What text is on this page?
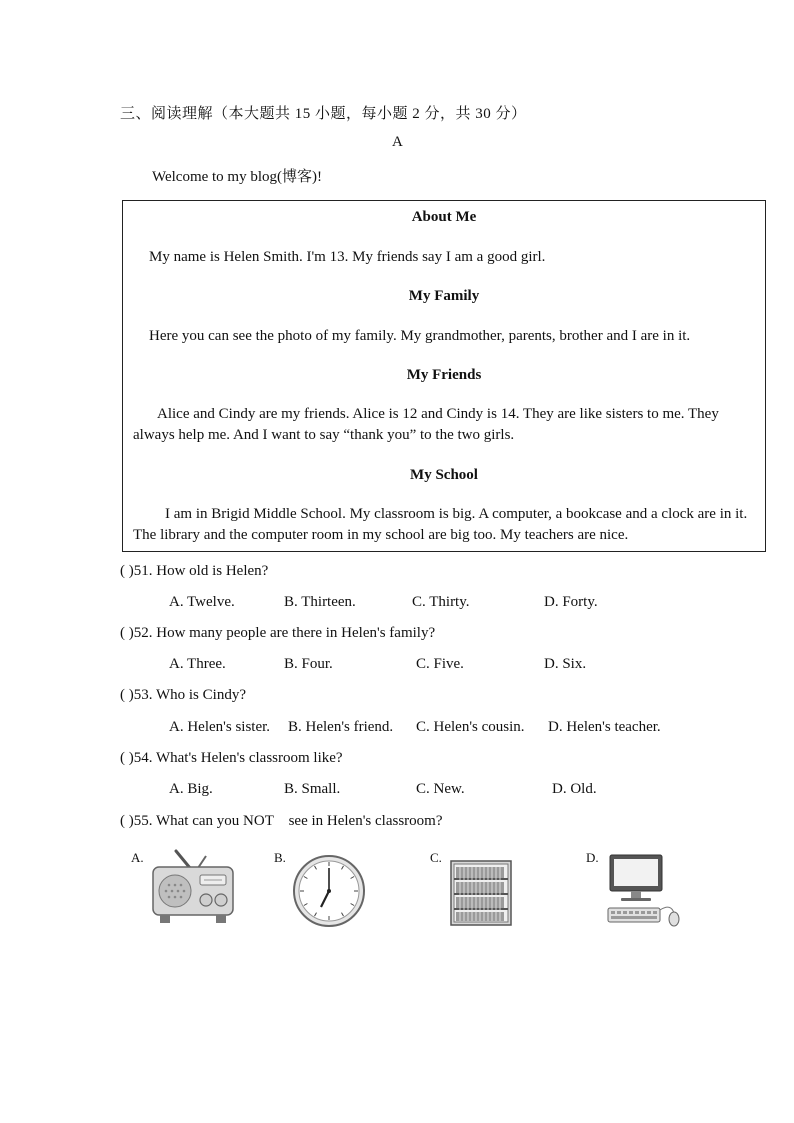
三、阅读理解（本大题共 15 小题，每小题 2 分，共 30 分）
A
Welcome to my blog(博客)!
About Me
My name is Helen Smith. I'm 13. My friends say I am a good girl.
My Family
Here you can see the photo of my family. My grandmother, parents, brother and I are in it.
My Friends
Alice and Cindy are my friends. Alice is 12 and Cindy is 14. They are like sisters to me. They always help me. And I want to say “thank you” to the two girls.
My School
I am in Brigid Middle School. My classroom is big. A computer, a bookcase and a clock are in it. The library and the computer room in my school are big too. My teachers are nice.
( )51. How old is Helen?
A. Twelve.	B. Thirteen.	C. Thirty.	D. Forty.
( )52. How many people are there in Helen's family?
A. Three.	B. Four.	C. Five.	D. Six.
( )53. Who is Cindy?
A. Helen's sister. B. Helen's friend. C. Helen's cousin. D. Helen's teacher.
( )54. What's Helen's classroom like?
A. Big.	B. Small.	C. New.	D. Old.
( )55. What can you NOT    see in Helen's classroom?
A.	B.	C.	D.
